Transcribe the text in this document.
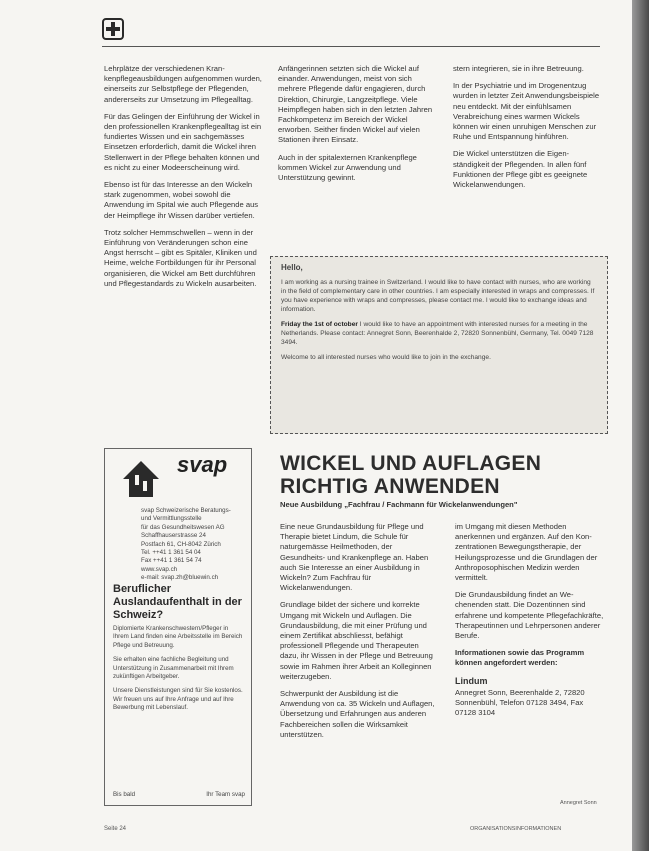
Lehrplätze der verschiedenen Krankenpflegeausbildungen aufgenommen wurden, einerseits zur Selbstpflege der Pflegenden, andererseits zur Umsetzung im Pflegealltag.

Für das Gelingen der Einführung der Wickel in den professionellen Krankenpflegealltag ist ein fundiertes Wissen und ein sachgemässes Einsetzen erforderlich, damit die Wickel ihren Stellenwert in der Pflege behalten können und es nicht zu einer Modeerscheinung wird.

Ebenso ist für das Interesse an den Wickeln stark zugenommen, wobei sowohl die Anwendung im Spital wie auch Pflegende aus der Heimpflege ihr Wissen darüber vertiefen.

Trotz solcher Hemmschwellen – wenn in der Einführung von Veränderungen schon eine Angst herrscht – gibt es Spitäler, Kliniken und Heime, welche Fortbildungen für ihr Personal organisieren, die Wickel am Bett durchführen und Pflegestandards zu Wickeln ausarbeiten.

Anfängerinnen setzten sich die Wickel auf einander. Anwendungen, meist von sich mehrere Pflegende dafür engagieren, durch Direktion, Chirurgie, Langzeitpflege. Viele Heimpflegen haben sich in den letzten Jahren Fachkompetenz im Bereich der Wickel erworben. Seither finden Wickel auf vielen Stationen ihren Einsatz.

Auch in der spitalexternen Krankenpflege kommen Wickel zur Anwendung und Unterstützung gewinnt.

stern integrieren, sie in ihre Betreuung.

In der Psychiatrie und im Drogenentzug wurden in letzter Zeit Anwendungsbeispiele neu entdeckt. Mit der einfühlsamen Verabreichung eines warmen Wickels können wir einen unruhigen Menschen zur Ruhe und Entspannung hinführen.

Die Wickel unterstützen die Eigenständigkeit der Pflegenden. In allen fünf Funktionen der Pflege gibt es geeignete Wickelanwendungen.

Hello,

I am working as a nursing trainee in Switzerland. I would like to have contact with nurses, who are working in the field of complementary care in other countries. I am especially interested in wraps and compresses. If you have experience with wraps and compresses, please contact me. I would like to exchange ideas and information.

Friday the 1st of october I would like to have an appointment with interested nurses for a meeting in the Netherlands. Please contact: Annegret Sonn, Beerenhalde 2, 72820 Sonnenbühl, Germany, Tel. 0049 7128 3494.

Welcome to all interested nurses who would like to join in the exchange.

svap
svap Schweizerische Beratungs-
und Vermittlungsstelle
für das Gesundheitswesen AG
Schaffhauserstrasse 24
Postfach 61, CH-8042 Zürich
Tel. ++41 1 361 54 04
Fax ++41 1 361 54 74
www.svap.ch
e-mail: svap.zh@bluewin.ch
Beruflicher Auslandaufenthalt in der Schweiz?

Diplomierte Krankenschwestern/Pfleger in Ihrem Land finden eine Arbeitsstelle im Bereich Pflege und Betreuung.

Sie erhalten eine fachliche Begleitung und Unterstützung in Zusammenarbeit mit Ihrem zukünftigen Arbeitgeber.

Unsere Dienstleistungen sind für Sie kostenlos. Wir freuen uns auf Ihre Anfrage und auf Ihre Bewerbung mit Lebenslauf.

Bis bald	Ihr Team svap
WICKEL UND AUFLAGEN RICHTIG ANWENDEN
Neue Ausbildung „Fachfrau / Fachmann für Wickelanwendungen"

Eine neue Grundausbildung für Pflege und Therapie bietet Lindum, die Schule für naturgemässe Heilmethoden, der Gesundheits- und Krankenpflege an. Haben auch Sie Interesse an einer Ausbildung in Wickeln? Zum Fachfrau für Wickelanwendungen.

Grundlage bildet der sichere und korrekte Umgang mit Wickeln und Auflagen. Die Grundausbildung, die mit einer Prüfung und einem Zertifikat abschliesst, befähigt professionell Pflegende und Therapeuten dazu, ihr Wissen in der Pflege und Betreuung sowie im Rahmen ihrer Arbeit an Kolleginnen weiterzugeben.

Schwerpunkt der Ausbildung ist die Anwendung von ca. 35 Wickeln und Auflagen, Übersetzung und Erfahrungen aus anderen Fachbereichen sollen die Wirksamkeit unterstützen.

im Umgang mit diesen Methoden anerkennen und ergänzen. Auf den Konzentrationen Bewegungstherapie, der Heilungsprozesse und die Grundlagen der Anthroposophischen Medizin werden vermittelt.

Die Grundausbildung findet an Wechenenden statt. Die Dozentinnen sind erfahrene und kompetente Pflegefachkräfte, Therapeutinnen und Lehrpersonen anderer Berufe.

Informationen sowie das Programm können angefordert werden:

Lindum

Annegret Sonn, Beerenhalde 2, 72820 Sonnenbühl, Telefon 07128 3494, Fax 07128 3104

Annegret Sonn
Seite 24	ORGANISATIONSINFORMATIONEN
